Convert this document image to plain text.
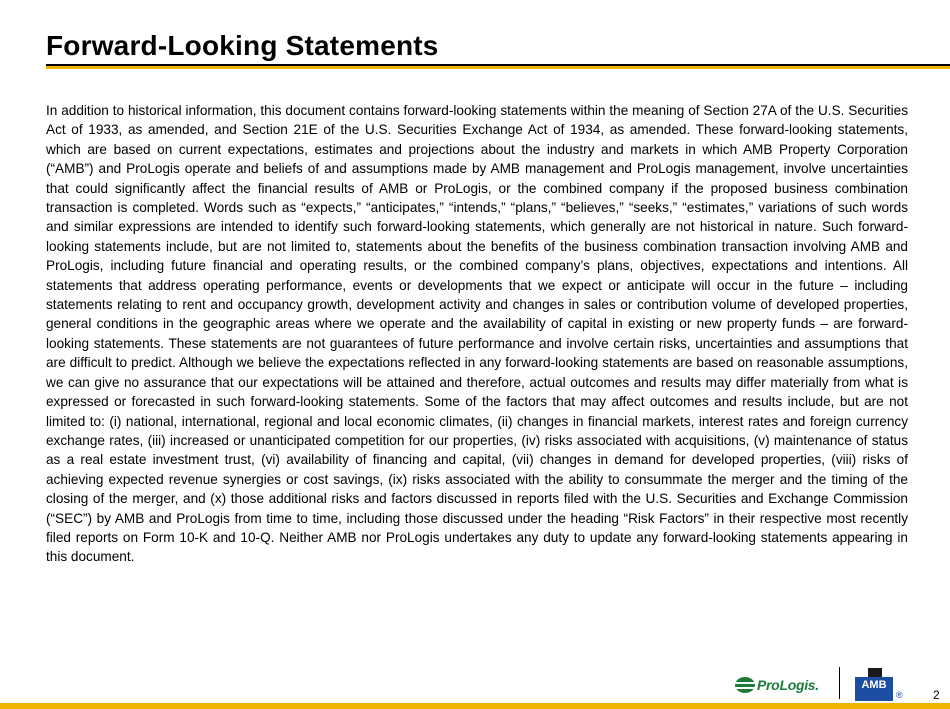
Forward-Looking Statements

In addition to historical information, this document contains forward-looking statements within the meaning of Section 27A of the U.S. Securities Act of 1933, as amended, and Section 21E of the U.S. Securities Exchange Act of 1934, as amended. These forward-looking statements, which are based on current expectations, estimates and projections about the industry and markets in which AMB Property Corporation (“AMB”) and ProLogis operate and beliefs of and assumptions made by AMB management and ProLogis management, involve uncertainties that could significantly affect the financial results of AMB or ProLogis, or the combined company if the proposed business combination transaction is completed. Words such as “expects,” “anticipates,” “intends,” “plans,” “believes,” “seeks,” “estimates,” variations of such words and similar expressions are intended to identify such forward-looking statements, which generally are not historical in nature. Such forward-looking statements include, but are not limited to, statements about the benefits of the business combination transaction involving AMB and ProLogis, including future financial and operating results, or the combined company’s plans, objectives, expectations and intentions. All statements that address operating performance, events or developments that we expect or anticipate will occur in the future – including statements relating to rent and occupancy growth, development activity and changes in sales or contribution volume of developed properties, general conditions in the geographic areas where we operate and the availability of capital in existing or new property funds – are forward-looking statements. These statements are not guarantees of future performance and involve certain risks, uncertainties and assumptions that are difficult to predict. Although we believe the expectations reflected in any forward-looking statements are based on reasonable assumptions, we can give no assurance that our expectations will be attained and therefore, actual outcomes and results may differ materially from what is expressed or forecasted in such forward-looking statements. Some of the factors that may affect outcomes and results include, but are not limited to: (i) national, international, regional and local economic climates, (ii) changes in financial markets, interest rates and foreign currency exchange rates, (iii) increased or unanticipated competition for our properties, (iv) risks associated with acquisitions, (v) maintenance of status as a real estate investment trust, (vi) availability of financing and capital, (vii) changes in demand for developed properties, (viii) risks of achieving expected revenue synergies or cost savings, (ix) risks associated with the ability to consummate the merger and the timing of the closing of the merger, and (x) those additional risks and factors discussed in reports filed with the U.S. Securities and Exchange Commission (“SEC”) by AMB and ProLogis from time to time, including those discussed under the heading “Risk Factors” in their respective most recently filed reports on Form 10-K and 10-Q. Neither AMB nor ProLogis undertakes any duty to update any forward-looking statements appearing in this document.

ProLogis.	AMB
®	2
